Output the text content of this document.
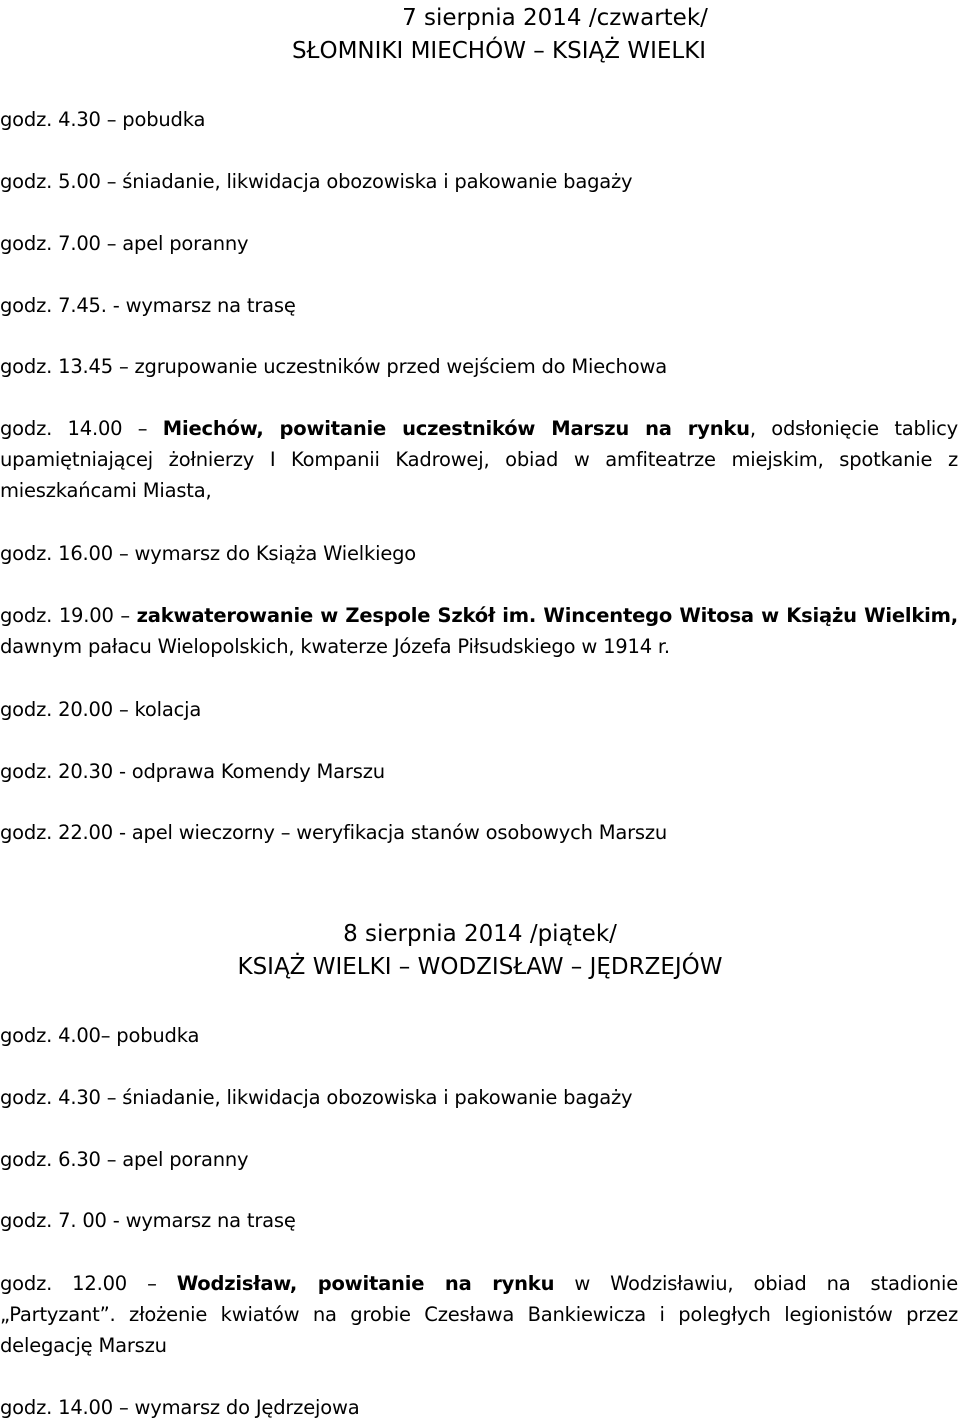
7 sierpnia 2014 /czwartek/
SŁOMNIKI MIECHÓW – KSIĄŻ WIELKI
godz. 4.30 – pobudka
godz. 5.00 – śniadanie, likwidacja obozowiska i pakowanie bagaży
godz. 7.00 – apel poranny
godz. 7.45. - wymarsz na trasę
godz. 13.45 – zgrupowanie uczestników przed wejściem do Miechowa
godz. 14.00 – Miechów, powitanie uczestników Marszu na rynku, odsłonięcie tablicy
upamiętniającej żołnierzy I Kompanii Kadrowej, obiad w amfiteatrze miejskim, spotkanie z
mieszkańcami Miasta,
godz. 16.00 – wymarsz do Książa Wielkiego
godz. 19.00 – zakwaterowanie w Zespole Szkół im. Wincentego Witosa w Książu Wielkim,
dawnym pałacu Wielopolskich, kwaterze Józefa Piłsudskiego w 1914 r.
godz. 20.00 – kolacja
godz. 20.30 - odprawa Komendy Marszu
godz. 22.00 - apel wieczorny – weryfikacja stanów osobowych Marszu
8 sierpnia 2014 /piątek/
KSIĄŻ WIELKI – WODZISŁAW – JĘDRZEJÓW
godz. 4.00– pobudka
godz. 4.30 – śniadanie, likwidacja obozowiska i pakowanie bagaży
godz. 6.30 – apel poranny
godz. 7. 00 - wymarsz na trasę
godz. 12.00 – Wodzisław, powitanie na rynku w Wodzisławiu, obiad na stadionie
„Partyzant”. złożenie kwiatów na grobie Czesława Bankiewicza i poległych legionistów przez
delegację Marszu
godz. 14.00 – wymarsz do Jędrzejowa
